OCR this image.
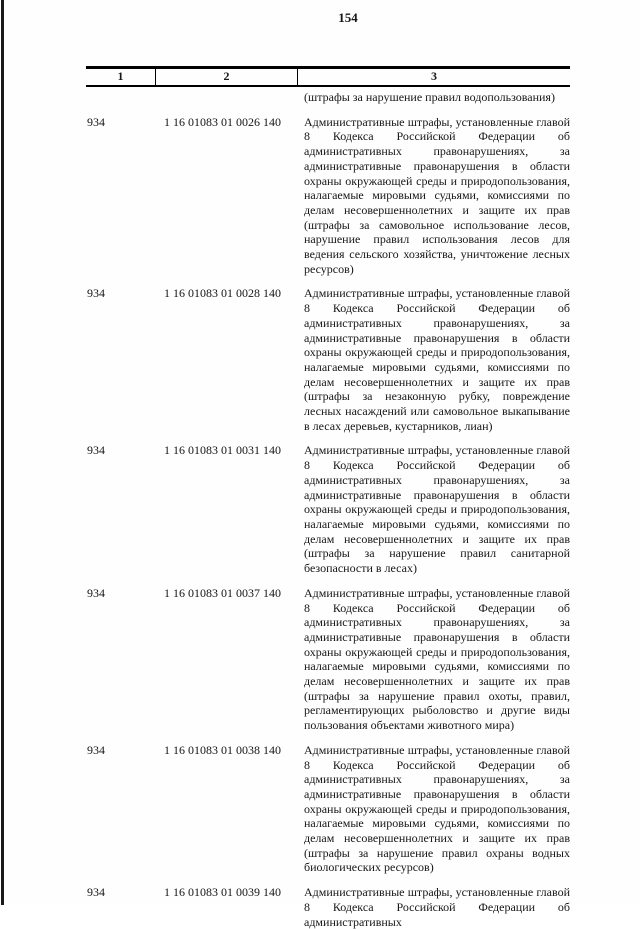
154
1	2	3
(штрафы за нарушение правил водопользования)
934	1 16 01083 01 0026 140	Административные штрафы, установленные главой 8 Кодекса Российской Федерации об административных правонарушениях, за административные правонарушения в области охраны окружающей среды и природопользования, налагаемые мировыми судьями, комиссиями по делам несовершеннолетних и защите их прав (штрафы за самовольное использование лесов, нарушение правил использования лесов для ведения сельского хозяйства, уничтожение лесных ресурсов)
934	1 16 01083 01 0028 140	Административные штрафы, установленные главой 8 Кодекса Российской Федерации об административных правонарушениях, за административные правонарушения в области охраны окружающей среды и природопользования, налагаемые мировыми судьями, комиссиями по делам несовершеннолетних и защите их прав (штрафы за незаконную рубку, повреждение лесных насаждений или самовольное выкапывание в лесах деревьев, кустарников, лиан)
934	1 16 01083 01 0031 140	Административные штрафы, установленные главой 8 Кодекса Российской Федерации об административных правонарушениях, за административные правонарушения в области охраны окружающей среды и природопользования, налагаемые мировыми судьями, комиссиями по делам несовершеннолетних и защите их прав (штрафы за нарушение правил санитарной безопасности в лесах)
934	1 16 01083 01 0037 140	Административные штрафы, установленные главой 8 Кодекса Российской Федерации об административных правонарушениях, за административные правонарушения в области охраны окружающей среды и природопользования, налагаемые мировыми судьями, комиссиями по делам несовершеннолетних и защите их прав (штрафы за нарушение правил охоты, правил, регламентирующих рыболовство и другие виды пользования объектами животного мира)
934	1 16 01083 01 0038 140	Административные штрафы, установленные главой 8 Кодекса Российской Федерации об административных правонарушениях, за административные правонарушения в области охраны окружающей среды и природопользования, налагаемые мировыми судьями, комиссиями по делам несовершеннолетних и защите их прав (штрафы за нарушение правил охраны водных биологических ресурсов)
934	1 16 01083 01 0039 140	Административные штрафы, установленные главой 8 Кодекса Российской Федерации об административных
